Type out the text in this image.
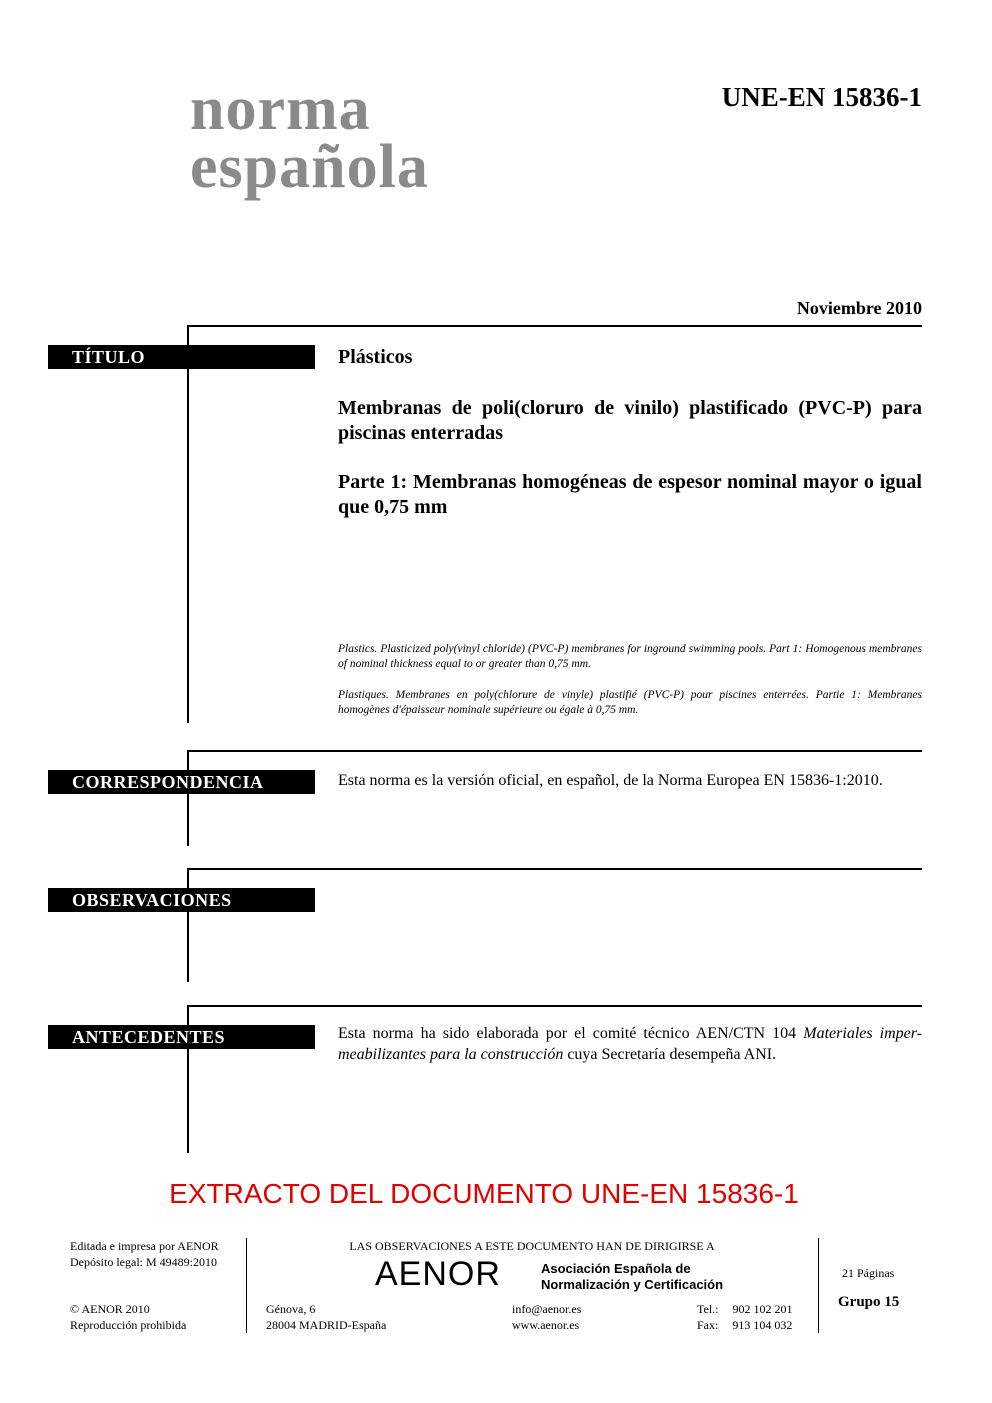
norma
española
UNE-EN 15836-1
Noviembre 2010
TÍTULO	Plásticos
Membranas de poli(cloruro de vinilo) plastificado (PVC-P) para piscinas enterradas
Parte 1: Membranas homogéneas de espesor nominal mayor o igual que 0,75 mm
Plastics. Plasticized poly(vinyl chloride) (PVC-P) membranes for inground swimming pools. Part 1: Homogenous membranes of nominal thickness equal to or greater than 0,75 mm.
Plastiques. Membranes en poly(chlorure de vinyle) plastifié (PVC-P) pour piscines enterrées. Partie 1: Membranes homogènes d'épaisseur nominale supérieure ou égale à 0,75 mm.
CORRESPONDENCIA	Esta norma es la versión oficial, en español, de la Norma Europea EN 15836-1:2010.
OBSERVACIONES
ANTECEDENTES	Esta norma ha sido elaborada por el comité técnico AEN/CTN 104 Materiales imper-meabilizantes para la construcción cuya Secretaría desempeña ANI.
EXTRACTO DEL DOCUMENTO UNE-EN 15836-1
Editada e impresa por AENOR
Depósito legal: M 49489:2010
© AENOR 2010
Reproducción prohibida
LAS OBSERVACIONES A ESTE DOCUMENTO HAN DE DIRIGIRSE A
AENOR	Asociación Española de
Normalización y Certificación
Génova, 6
28004 MADRID-España
info@aenor.es
www.aenor.es
Tel.: 902 102 201
Fax: 913 104 032
21 Páginas
Grupo 15
